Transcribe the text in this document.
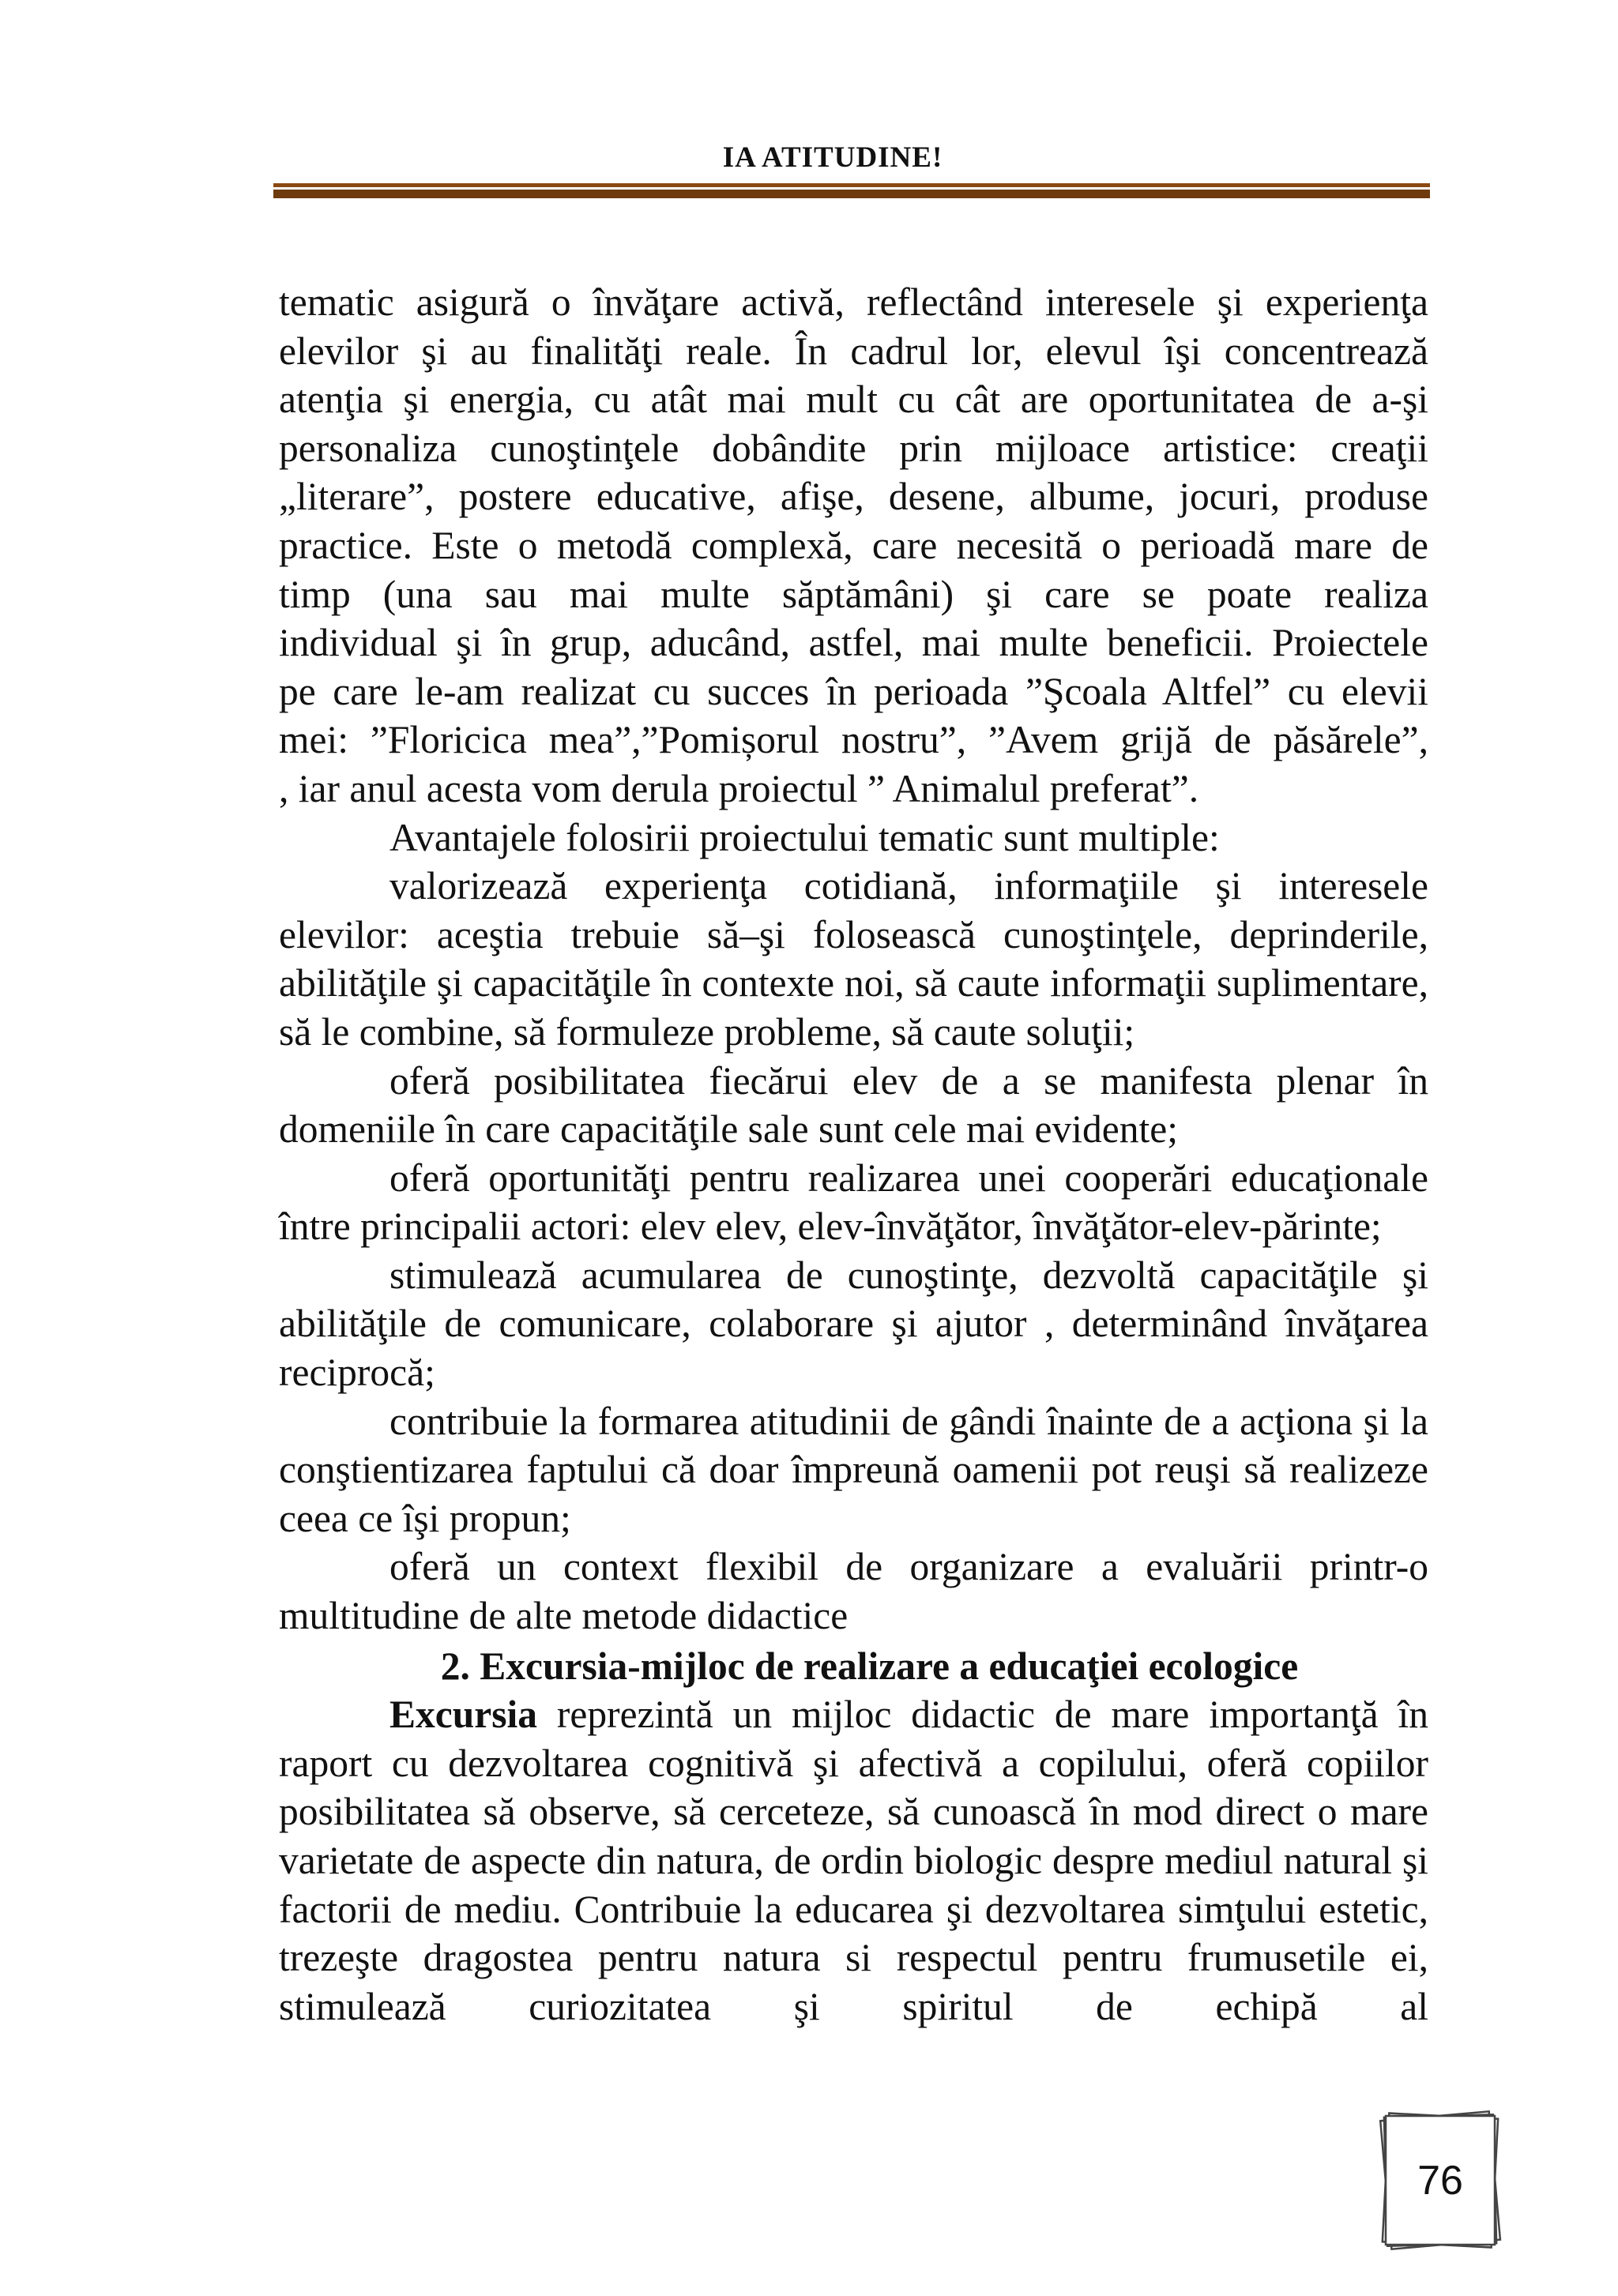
IA ATITUDINE!

tematic asigură o învăţare activă, reflectând interesele şi experienţa

elevilor şi au finalităţi reale. În cadrul lor, elevul îşi concentrează

atenţia şi energia, cu atât mai mult cu cât are oportunitatea de a-şi

personaliza cunoştinţele dobândite prin mijloace artistice: creaţii

„literare”, postere educative, afişe, desene, albume, jocuri, produse

practice. Este o metodă complexă, care necesită o perioadă mare de

timp (una sau mai multe săptămâni) şi care se poate realiza

individual şi în grup, aducând, astfel, mai multe beneficii. Proiectele

pe care le-am realizat cu succes în perioada ”Şcoala Altfel” cu elevii

mei: ”Floricica mea”,”Pomișorul nostru”, ”Avem grijă de păsărele”,

, iar anul acesta vom derula proiectul ” Animalul preferat”.

Avantajele folosirii proiectului tematic sunt multiple:

valorizează experienţa cotidiană, informaţiile şi interesele elevilor: aceştia trebuie să–şi folosească cunoştinţele, deprinderile, abilităţile şi capacităţile în contexte noi, să caute informaţii suplimentare, să le combine, să formuleze probleme, să caute soluţii;

oferă posibilitatea fiecărui elev de a se manifesta plenar în domeniile în care capacităţile sale sunt cele mai evidente;

oferă oportunităţi pentru realizarea unei cooperări educaţionale între principalii actori: elev elev, elev-învăţător, învăţător-elev-părinte;

stimulează acumularea de cunoştinţe, dezvoltă capacităţile şi abilităţile de comunicare, colaborare şi ajutor , determinând învăţarea reciprocă;

contribuie la formarea atitudinii de gândi înainte de a acţiona şi la conştientizarea faptului că doar împreună oamenii pot reuşi să realizeze ceea ce îşi propun;

oferă un context flexibil de organizare a evaluării printr-o multitudine de alte metode didactice

2. Excursia-mijloc de realizare a educaţiei ecologice

Excursia reprezintă un mijloc didactic de mare importanţă în raport cu dezvoltarea cognitivă şi afectivă a copilului, oferă copiilor posibilitatea să observe, să cerceteze, să cunoască în mod direct o mare varietate de aspecte din natura, de ordin biologic despre mediul natural şi factorii de mediu. Contribuie la educarea şi dezvoltarea simţului estetic, trezeşte dragostea pentru natura si respectul pentru frumusetile ei, stimulează curiozitatea şi spiritul de echipă al

76
